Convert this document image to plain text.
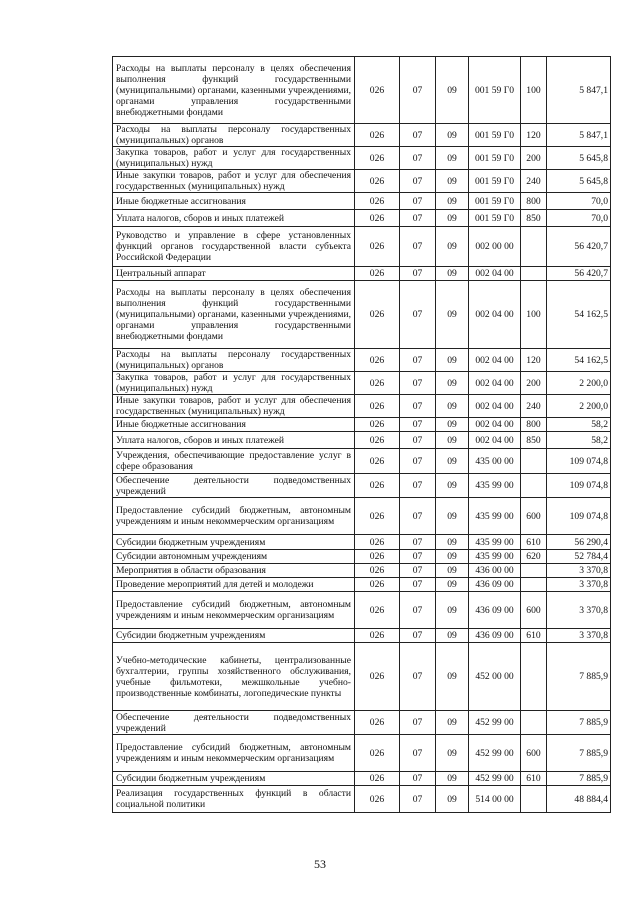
Расходы на выплаты персоналу в целях обеспечения выполнения функций государственными (муниципальными) органами, казенными учреждениями, органами управления государственными внебюджетными фондами	026	07	09	001 59 Г0	100	5 847,1
Расходы на выплаты персоналу государственных (муниципальных) органов	026	07	09	001 59 Г0	120	5 847,1
Закупка товаров, работ и услуг для государственных (муниципальных) нужд	026	07	09	001 59 Г0	200	5 645,8
Иные закупки товаров, работ и услуг для обеспечения государственных (муниципальных) нужд	026	07	09	001 59 Г0	240	5 645,8
Иные бюджетные ассигнования	026	07	09	001 59 Г0	800	70,0
Уплата налогов, сборов и иных платежей	026	07	09	001 59 Г0	850	70,0
Руководство и управление в сфере установленных функций органов государственной власти субъекта Российской Федерации	026	07	09	002 00 00		56 420,7
Центральный аппарат	026	07	09	002 04 00		56 420,7
Расходы на выплаты персоналу в целях обеспечения выполнения функций государственными (муниципальными) органами, казенными учреждениями, органами управления государственными внебюджетными фондами	026	07	09	002 04 00	100	54 162,5
Расходы на выплаты персоналу государственных (муниципальных) органов	026	07	09	002 04 00	120	54 162,5
Закупка товаров, работ и услуг для государственных (муниципальных) нужд	026	07	09	002 04 00	200	2 200,0
Иные закупки товаров, работ и услуг для обеспечения государственных (муниципальных) нужд	026	07	09	002 04 00	240	2 200,0
Иные бюджетные ассигнования	026	07	09	002 04 00	800	58,2
Уплата налогов, сборов и иных платежей	026	07	09	002 04 00	850	58,2
Учреждения, обеспечивающие предоставление услуг в сфере образования	026	07	09	435 00 00		109 074,8
Обеспечение деятельности подведомственных учреждений	026	07	09	435 99 00		109 074,8
Предоставление субсидий бюджетным, автономным учреждениям и иным некоммерческим организациям	026	07	09	435 99 00	600	109 074,8
Субсидии бюджетным учреждениям	026	07	09	435 99 00	610	56 290,4
Субсидии автономным учреждениям	026	07	09	435 99 00	620	52 784,4
Мероприятия в области образования	026	07	09	436 00 00		3 370,8
Проведение мероприятий для детей и молодежи	026	07	09	436 09 00		3 370,8
Предоставление субсидий бюджетным, автономным учреждениям и иным некоммерческим организациям	026	07	09	436 09 00	600	3 370,8
Субсидии бюджетным учреждениям	026	07	09	436 09 00	610	3 370,8
Учебно-методические кабинеты, централизованные бухгалтерии, группы хозяйственного обслуживания, учебные фильмотеки, межшкольные учебно-производственные комбинаты, логопедические пункты	026	07	09	452 00 00		7 885,9
Обеспечение деятельности подведомственных учреждений	026	07	09	452 99 00		7 885,9
Предоставление субсидий бюджетным, автономным учреждениям и иным некоммерческим организациям	026	07	09	452 99 00	600	7 885,9
Субсидии бюджетным учреждениям	026	07	09	452 99 00	610	7 885,9
Реализация государственных функций в области социальной политики	026	07	09	514 00 00		48 884,4
53
